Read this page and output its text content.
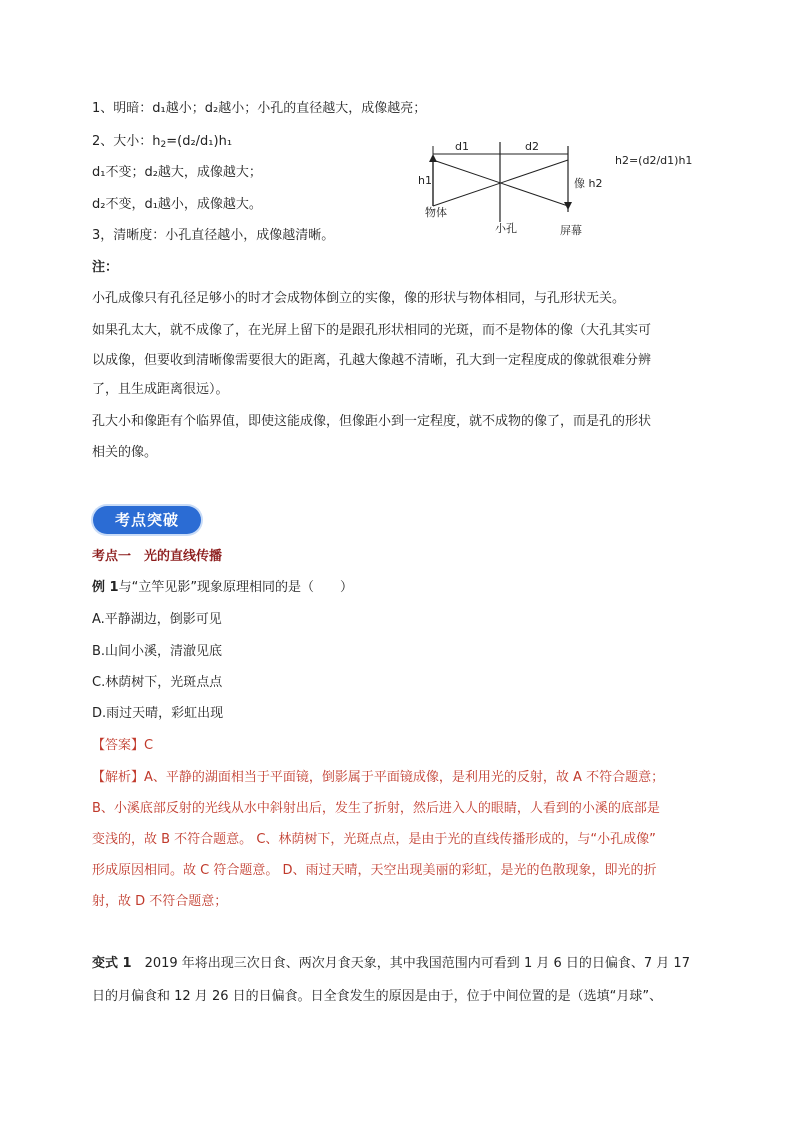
1、明暗：d₁越小；d₂越小；小孔的直径越大，成像越亮；
2、大小：$h_2=(d_2/d_1)h_1$
d₁不变；d₂越大，成像越大；
d₂不变，d₁越小，成像越大。
3，清晰度：小孔直径越小，成像越清晰。
d1	d2
h1	像 h2
物体
小孔	屏幕
h2=(d2/d1)h1
注：
小孔成像只有孔径足够小的时才会成物体倒立的实像，像的形状与物体相同，与孔形状无关。
如果孔太大，就不成像了，在光屏上留下的是跟孔形状相同的光斑，而不是物体的像（大孔其实可
以成像，但要收到清晰像需要很大的距离，孔越大像越不清晰，孔大到一定程度成的像就很难分辨
了，且生成距离很远）。
孔大小和像距有个临界值，即使这能成像，但像距小到一定程度，就不成物的像了，而是孔的形状
相关的像。
考点突破
考点一　光的直线传播
例 1与“立竿见影”现象原理相同的是（　　）
A.平静湖边，倒影可见
B.山间小溪，清澈见底
C.林荫树下，光斑点点
D.雨过天晴，彩虹出现
【答案】C
【解析】A、平静的湖面相当于平面镜，倒影属于平面镜成像，是利用光的反射，故 A 不符合题意；
B、小溪底部反射的光线从水中斜射出后，发生了折射，然后进入人的眼睛，人看到的小溪的底部是
变浅的，故 B 不符合题意。 C、林荫树下，光斑点点，是由于光的直线传播形成的，与“小孔成像”
形成原因相同。故 C 符合题意。 D、雨过天晴，天空出现美丽的彩虹，是光的色散现象，即光的折
射，故 D 不符合题意；
变式 1　 2019 年将出现三次日食、两次月食天象，其中我国范围内可看到 1 月 6 日的日偏食、7 月 17
日的月偏食和 12 月 26 日的日偏食。日全食发生的原因是由于，位于中间位置的是（选填“月球”、
